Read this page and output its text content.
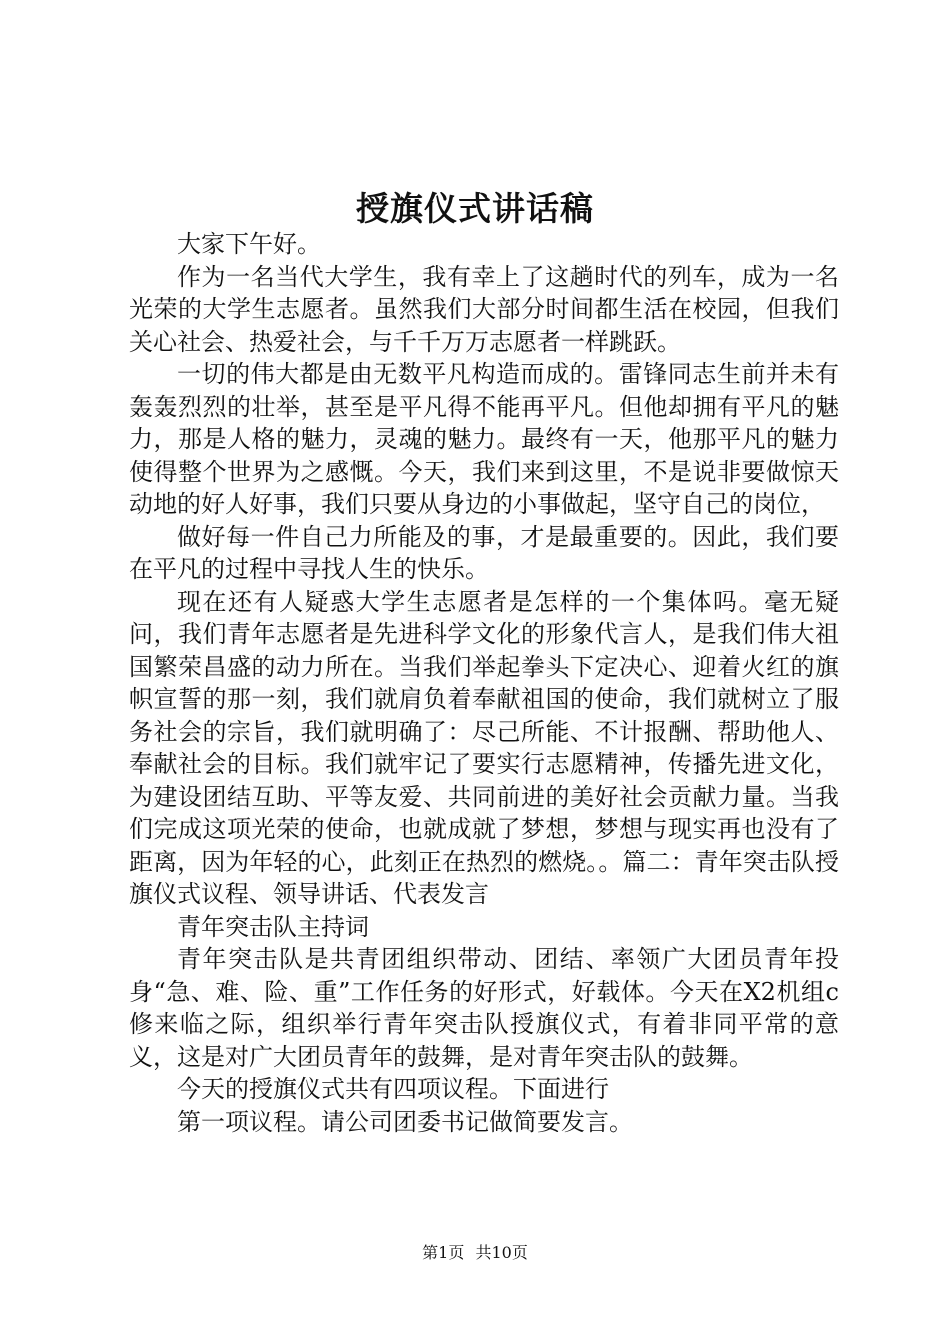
授旗仪式讲话稿

大家下午好。

作为一名当代大学生，我有幸上了这趟时代的列车，成为一名光荣的大学生志愿者。虽然我们大部分时间都生活在校园，但我们关心社会、热爱社会，与千千万万志愿者一样跳跃。

一切的伟大都是由无数平凡构造而成的。雷锋同志生前并未有轰轰烈烈的壮举，甚至是平凡得不能再平凡。但他却拥有平凡的魅力，那是人格的魅力，灵魂的魅力。最终有一天，他那平凡的魅力使得整个世界为之感慨。今天，我们来到这里，不是说非要做惊天动地的好人好事，我们只要从身边的小事做起，坚守自己的岗位，

做好每一件自己力所能及的事，才是最重要的。因此，我们要在平凡的过程中寻找人生的快乐。

现在还有人疑惑大学生志愿者是怎样的一个集体吗。毫无疑问，我们青年志愿者是先进科学文化的形象代言人，是我们伟大祖国繁荣昌盛的动力所在。当我们举起拳头下定决心、迎着火红的旗帜宣誓的那一刻，我们就肩负着奉献祖国的使命，我们就树立了服务社会的宗旨，我们就明确了：尽己所能、不计报酬、帮助他人、奉献社会的目标。我们就牢记了要实行志愿精神，传播先进文化，为建设团结互助、平等友爱、共同前进的美好社会贡献力量。当我们完成这项光荣的使命，也就成就了梦想，梦想与现实再也没有了距离，因为年轻的心，此刻正在热烈的燃烧。。篇二：青年突击队授旗仪式议程、领导讲话、代表发言

青年突击队主持词

青年突击队是共青团组织带动、团结、率领广大团员青年投身“急、难、险、重”工作任务的好形式，好载体。今天在X2机组c修来临之际，组织举行青年突击队授旗仪式，有着非同平常的意义，这是对广大团员青年的鼓舞，是对青年突击队的鼓舞。

今天的授旗仪式共有四项议程。下面进行

第一项议程。请公司团委书记做简要发言。

第1页 共10页
